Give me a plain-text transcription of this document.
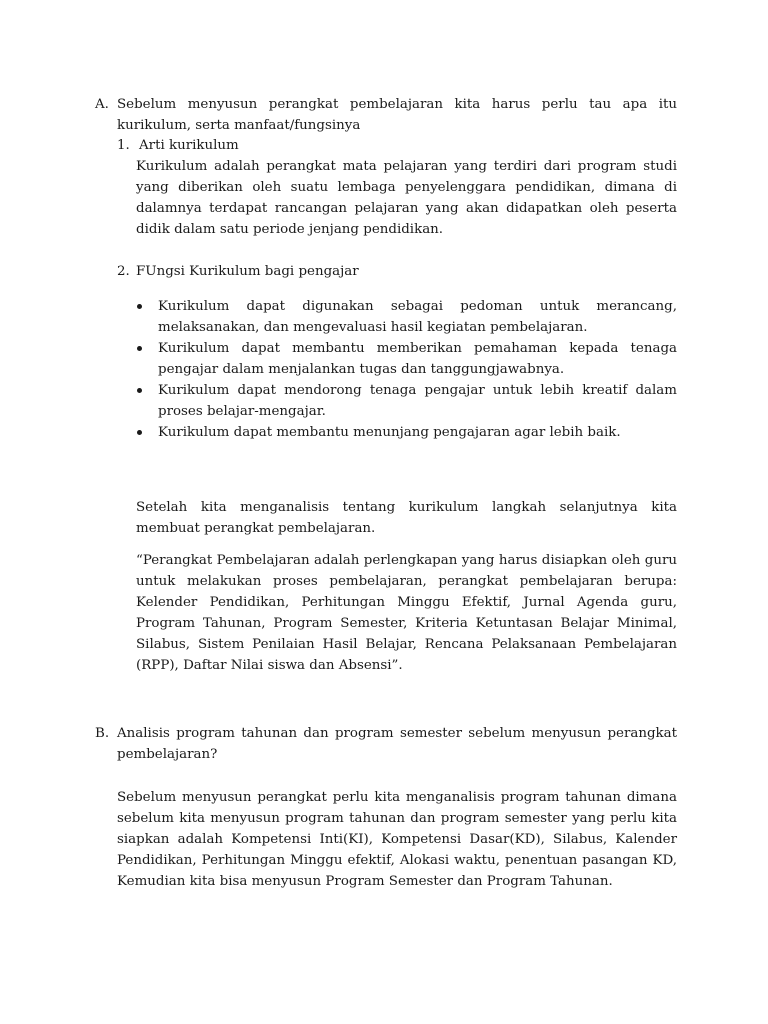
A. Sebelum menyusun perangkat pembelajaran kita harus perlu tau apa itu kurikulum, serta manfaat/fungsinya
1. Arti kurikulum
Kurikulum adalah perangkat mata pelajaran yang terdiri dari program studi yang diberikan oleh suatu lembaga penyelenggara pendidikan, dimana di dalamnya terdapat rancangan pelajaran yang akan didapatkan oleh peserta didik dalam satu periode jenjang pendidikan.
2. FUngsi Kurikulum bagi pengajar
Kurikulum dapat digunakan sebagai pedoman untuk merancang, melaksanakan, dan mengevaluasi hasil kegiatan pembelajaran.
Kurikulum dapat membantu memberikan pemahaman kepada tenaga pengajar dalam menjalankan tugas dan tanggungjawabnya.
Kurikulum dapat mendorong tenaga pengajar untuk lebih kreatif dalam proses belajar-mengajar.
Kurikulum dapat membantu menunjang pengajaran agar lebih baik.
Setelah kita menganalisis tentang kurikulum langkah selanjutnya kita membuat perangkat pembelajaran.
“Perangkat Pembelajaran adalah perlengkapan yang harus disiapkan oleh guru untuk melakukan proses pembelajaran, perangkat pembelajaran berupa: Kelender Pendidikan, Perhitungan Minggu Efektif, Jurnal Agenda guru, Program Tahunan, Program Semester, Kriteria Ketuntasan Belajar Minimal, Silabus, Sistem Penilaian Hasil Belajar, Rencana Pelaksanaan Pembelajaran (RPP), Daftar Nilai siswa dan Absensi”.
B. Analisis program tahunan dan program semester sebelum menyusun perangkat pembelajaran?
Sebelum menyusun perangkat perlu kita menganalisis program tahunan dimana sebelum kita menyusun program tahunan dan program semester yang perlu kita siapkan adalah Kompetensi Inti(KI), Kompetensi Dasar(KD), Silabus, Kalender Pendidikan, Perhitungan Minggu efektif, Alokasi waktu, penentuan pasangan KD, Kemudian kita bisa menyusun Program Semester dan Program Tahunan.
